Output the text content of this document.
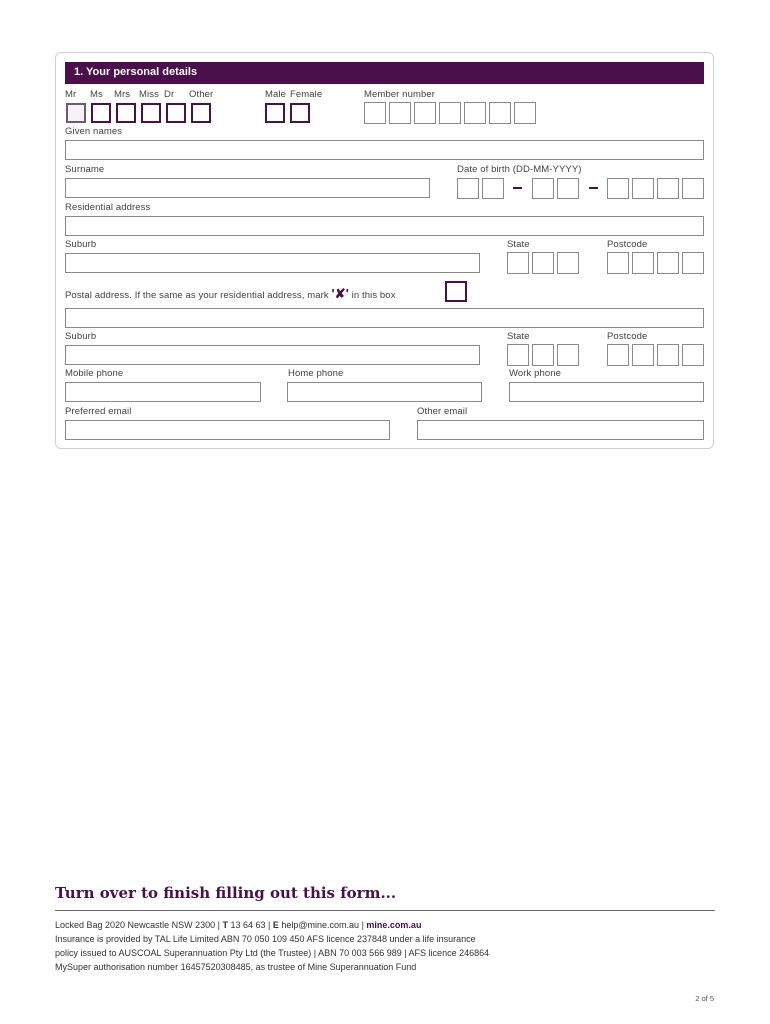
1. Your personal details
Mr Ms Mrs Miss Dr Other	Male Female	Member number
Given names
Surname	Date of birth (DD-MM-YYYY)
Residential address
Suburb	State	Postcode
Postal address. If the same as your residential address, mark '✘' in this box
Suburb	State	Postcode
Mobile phone	Home phone	Work phone
Preferred email	Other email
Turn over to finish filling out this form...
Locked Bag 2020 Newcastle NSW 2300 | T 13 64 63 | E help@mine.com.au | mine.com.au
Insurance is provided by TAL Life Limited ABN 70 050 109 450 AFS licence 237848 under a life insurance
policy issued to AUSCOAL Superannuation Pty Ltd (the Trustee) | ABN 70 003 566 989 | AFS licence 246864
MySuper authorisation number 16457520308485, as trustee of Mine Superannuation Fund
2 of 5
